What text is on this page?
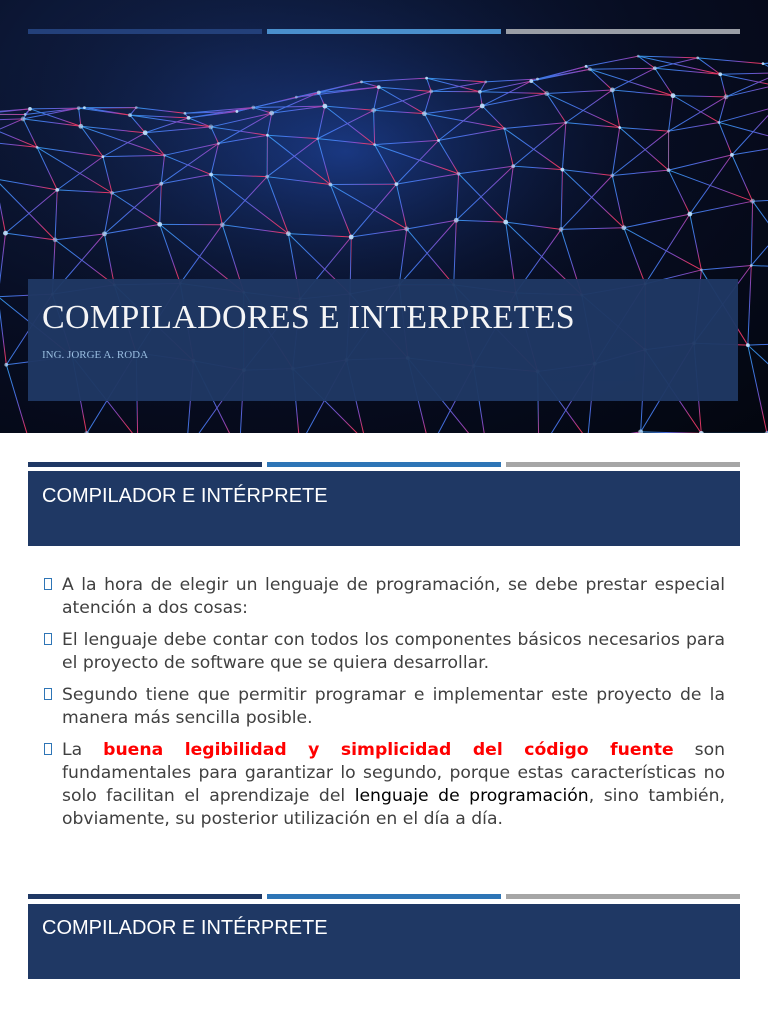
COMPILADORES E INTERPRETES
ING. JORGE A. RODA
COMPILADOR E INTÉRPRETE
A la hora de elegir un lenguaje de programación, se debe prestar especial atención a dos cosas:
El lenguaje debe contar con todos los componentes básicos necesarios para el proyecto de software que se quiera desarrollar.
Segundo tiene que permitir programar e implementar este proyecto de la manera más sencilla posible.
La buena legibilidad y simplicidad del código fuente son fundamentales para garantizar lo segundo, porque estas características no solo facilitan el aprendizaje del lenguaje de programación, sino también, obviamente, su posterior utilización en el día a día.
COMPILADOR E INTÉRPRETE
